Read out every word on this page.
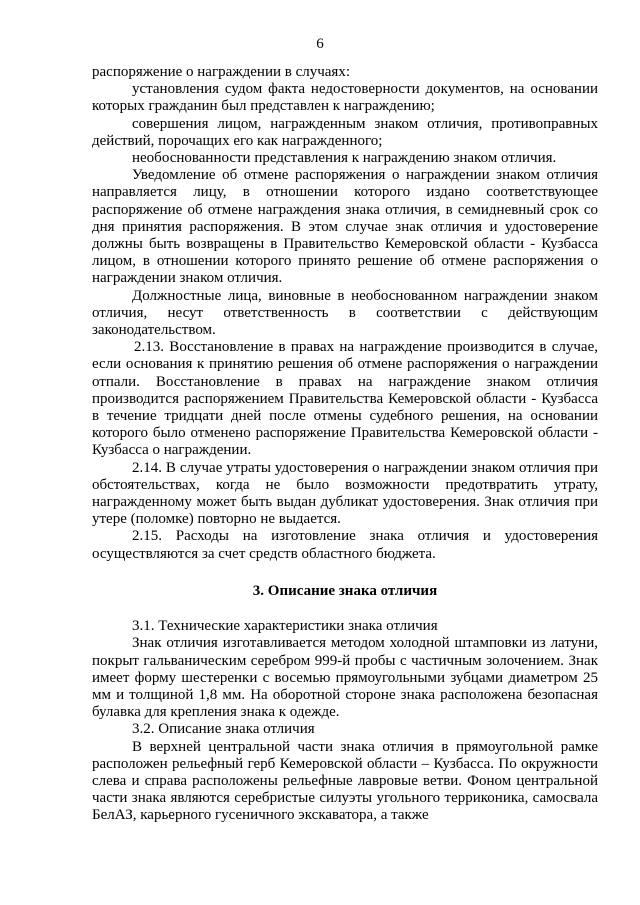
6

распоряжение о награждении в случаях:

установления судом факта недостоверности документов, на основании которых гражданин был представлен к награждению;

совершения лицом, награжденным знаком отличия, противоправных действий, порочащих его как награжденного;

необоснованности представления к награждению знаком отличия.

Уведомление об отмене распоряжения о награждении знаком отличия направляется лицу, в отношении которого издано соответствующее распоряжение об отмене награждения знака отличия, в семидневный срок со дня принятия распоряжения. В этом случае знак отличия и удостоверение должны быть возвращены в Правительство Кемеровской области - Кузбасса лицом, в отношении которого принято решение об отмене распоряжения о награждении знаком отличия.

Должностные лица, виновные в необоснованном награждении знаком отличия, несут ответственность в соответствии с действующим законодательством.

2.13. Восстановление в правах на награждение производится в случае, если основания к принятию решения об отмене распоряжения о награждении отпали. Восстановление в правах на награждение знаком отличия производится распоряжением Правительства Кемеровской области - Кузбасса в течение тридцати дней после отмены судебного решения, на основании которого было отменено распоряжение Правительства Кемеровской области - Кузбасса о награждении.

2.14. В случае утраты удостоверения о награждении знаком отличия при обстоятельствах, когда не было возможности предотвратить утрату, награжденному может быть выдан дубликат удостоверения. Знак отличия при утере (поломке) повторно не выдается.

2.15. Расходы на изготовление знака отличия и удостоверения осуществляются за счет средств областного бюджета.

3. Описание знака отличия

3.1. Технические характеристики знака отличия

Знак отличия изготавливается методом холодной штамповки из латуни, покрыт гальваническим серебром 999-й пробы с частичным золочением. Знак имеет форму шестеренки с восемью прямоугольными зубцами диаметром 25 мм и толщиной 1,8 мм. На оборотной стороне знака расположена безопасная булавка для крепления знака к одежде.

3.2. Описание знака отличия

В верхней центральной части знака отличия в прямоугольной рамке расположен рельефный герб Кемеровской области – Кузбасса. По окружности слева и справа расположены рельефные лавровые ветви. Фоном центральной части знака являются серебристые силуэты угольного терриконика, самосвала БелАЗ, карьерного гусеничного экскаватора, а также
